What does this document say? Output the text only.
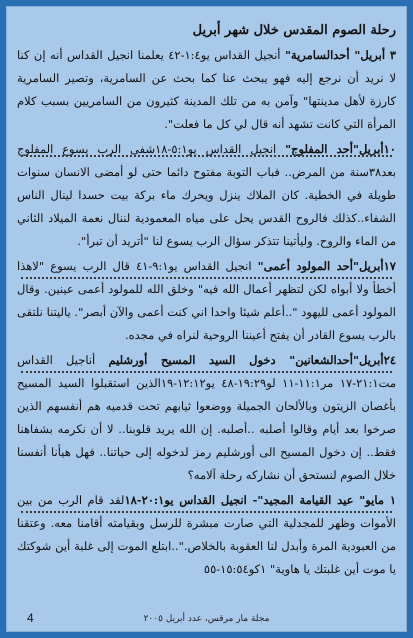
رحلة الصوم المقدس خلال شهر أبريل

٣ أبريل" أحدالسامرية" أنجيل القداس يو١:٤-٤٢ يعلمنا انجيل القداس أنه إن كنا لا نريد أن نرجع إليه فهو يبحث عنا كما بحث عن السامرية، وتصير السامرية كارزة لأهل مدينتها" وآمن به من تلك المدينة كثيرون من السامريين بسبب كلام المرأة التي كانت تشهد أنه قال لي كل ما فعلت".

١٠أبريل"أحد المفلوج" انجيل القداس يو٥:١-١٨شفى الرب يسوع المفلوج بعد٣٨سنة من المرض.. فباب التوبة مفتوح دائما حتى لو أمضى الانسان سنوات طويلة في الخطية. كان الملاك ينزل ويحرك ماء بركة بيت حسدا لينال الناس الشفاء..كذلك فالروح القدس يحل على مياه المعمودية لننال نعمة الميلاد الثاني من الماء والروح. وليأتينا تتذكر سؤال الرب يسوع لنا "أتريد أن تبرأ".

١٧أبريل"أحد المولود أعمى" انجيل القداس يو٩:١-٤١ قال الرب يسوع "لاهذا أخطأ ولا أبواه لكن لتظهر أعمال الله فيه" وخلق الله للمولود أعمى عينين. وقال المولود أعمى لليهود "..أعلم شيئا واحدا اني كنت أعمى والآن أبصر". ياليتنا نلتقى بالرب يسوع القادر أن يفتح أعيننا الروحية لنراه في مجده.

٢٤أبريل"أحدالشعانين" دخول السيد المسيح أورشليم أناجيل القداس مت٢١:١-١٧ مر١١:١-١١ لو١٩:٢٩-٤٨ يو١٢:١٢-١٩الذين استقبلوا السيد المسيح بأغصان الزيتون وبالألحان الجميلة ووضعوا ثيابهم تحت قدميه هم أنفسهم الذين صرخوا بعد أيام وقالوا أصلبه ..أصلبه. إن الله يريد قلوبنا.. لا أن نكرمه بشفاهنا فقط.. إن دخول المسيح الى أورشليم رمز لدخوله إلى حياتنا.. فهل هيأنا أنفسنا خلال الصوم لنستحق أن نشاركه رحلة آلامه؟

١ مايو" عيد القيامة المجيد"- انجيل القداس يو٢٠:١-١٨لقد قام الرب من بين الأموات وظهر للمجدلية التي صارت مبشرة للرسل وبقيامته أقامنا معه. وعتقنا من العبودية المرة وأبدل لنا العقوبة بالخلاص."..ابتلع الموت إلى غلبة أين شوكتك يا موت أين غلبتك يا هاوية" ١كو١٥:٥٤-٥٥

4	مجلة مار مرقس، عدد أبريل ٢٠٠٥
